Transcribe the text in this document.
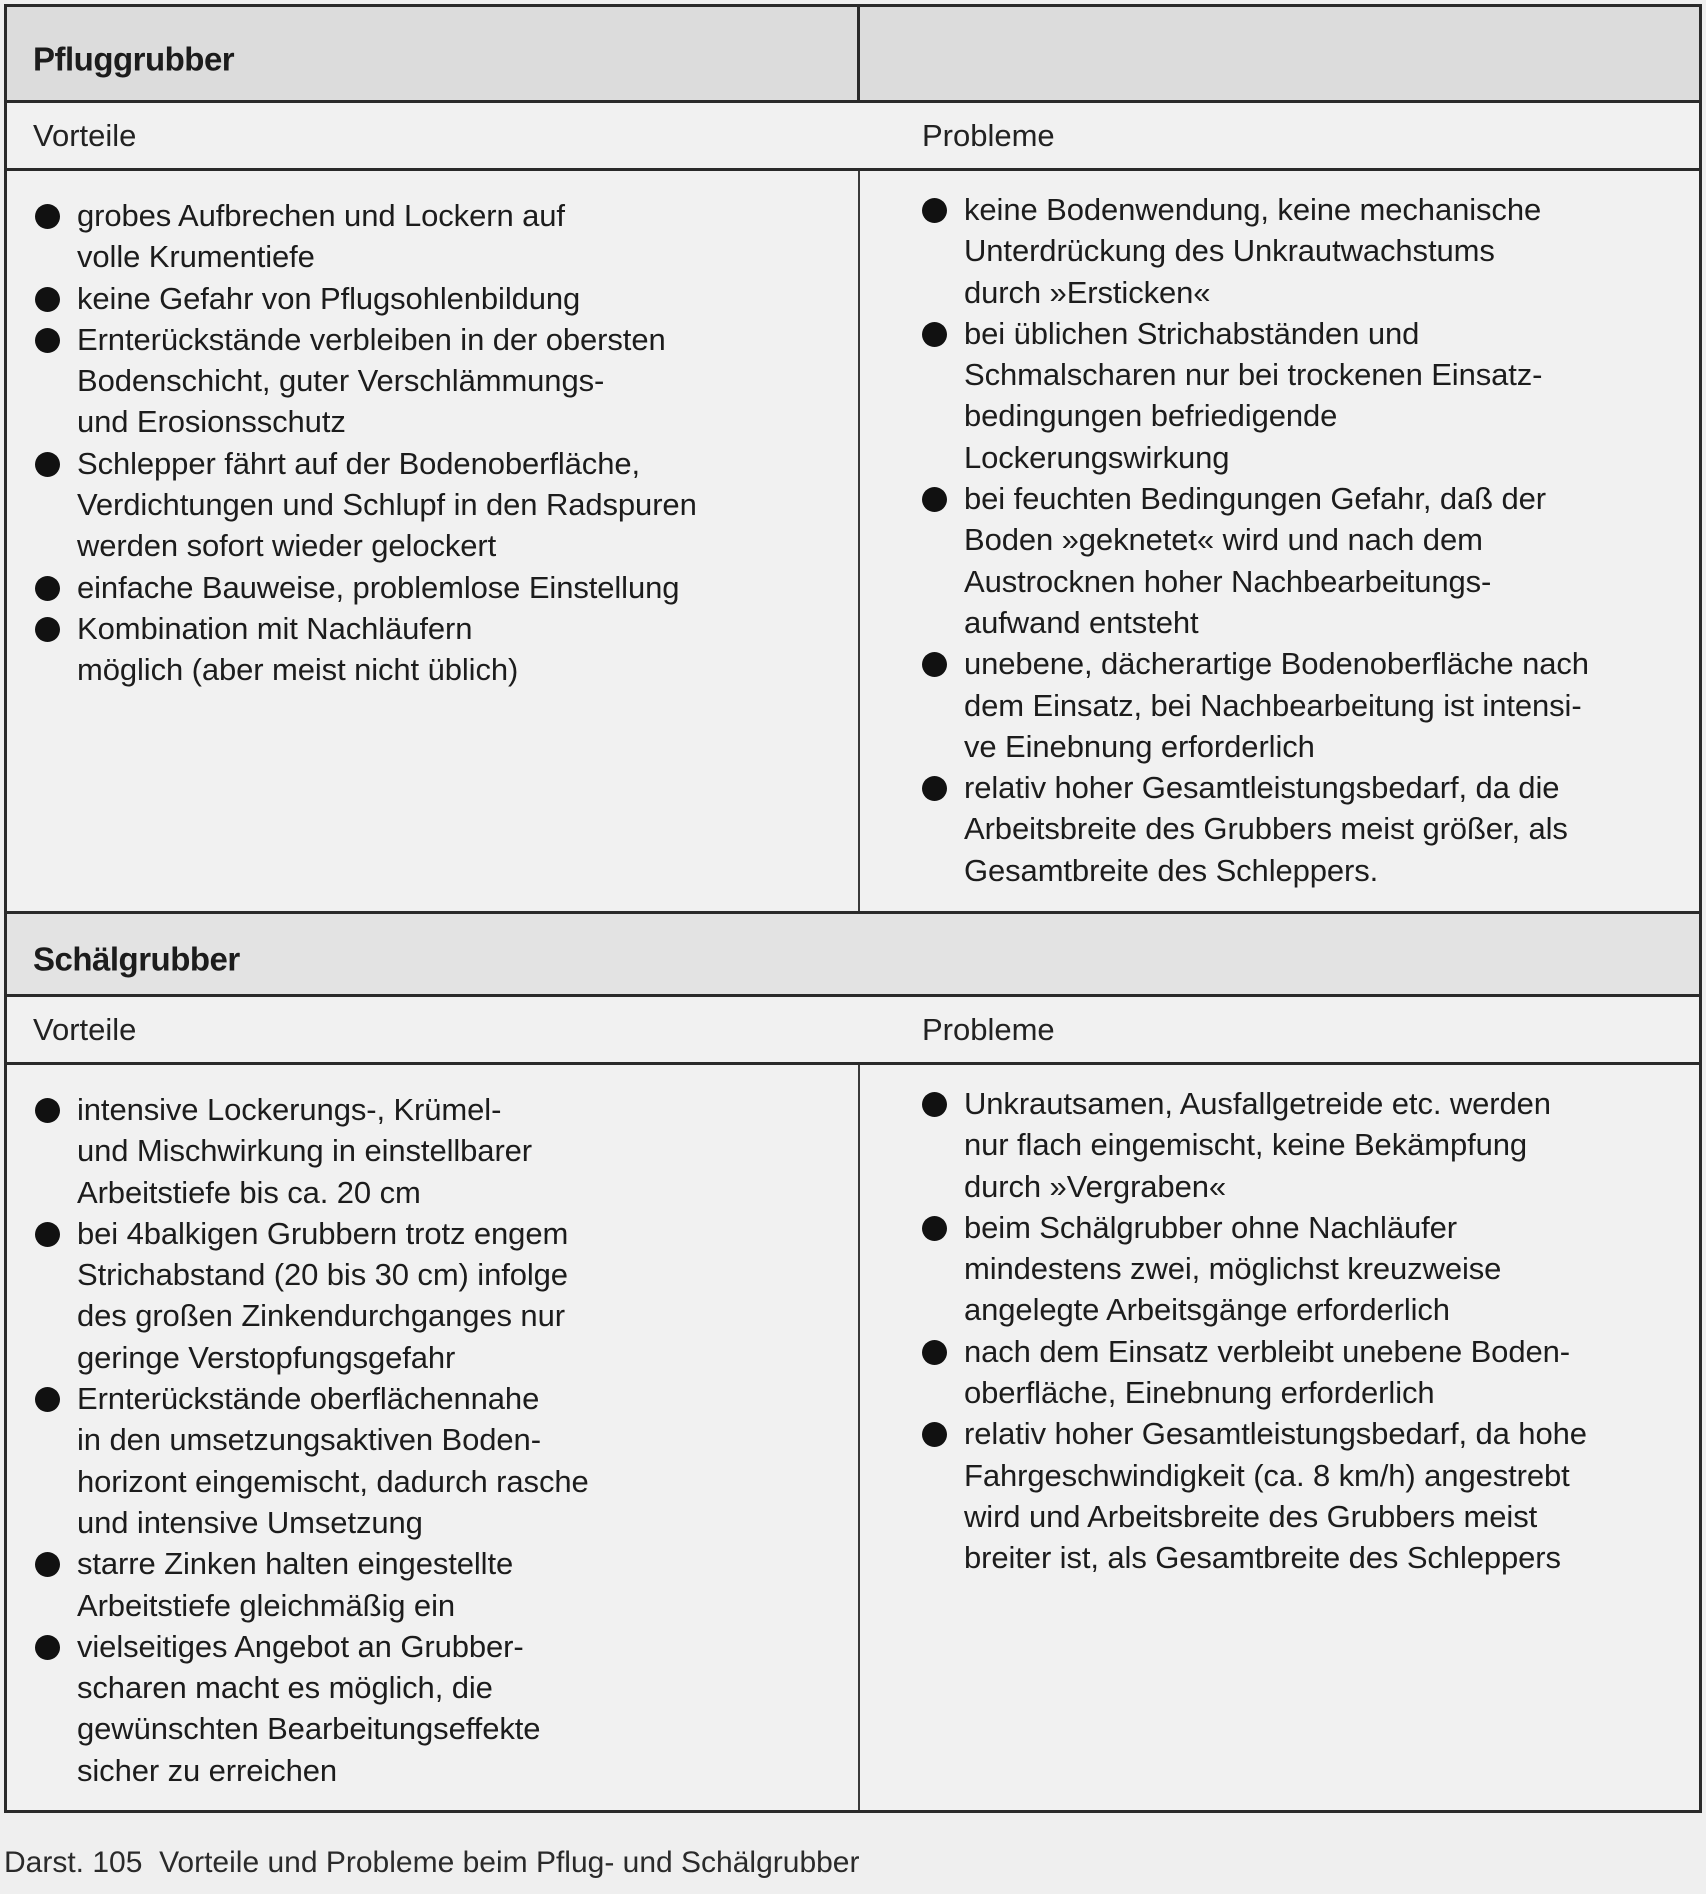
Pfluggrubber
Vorteile	Probleme
grobes Aufbrechen und Lockern auf
volle Krumentiefe
keine Gefahr von Pflugsohlenbildung
Ernterückstände verbleiben in der obersten
Bodenschicht, guter Verschlämmungs-
und Erosionsschutz
Schlepper fährt auf der Bodenoberfläche,
Verdichtungen und Schlupf in den Radspuren
werden sofort wieder gelockert
einfache Bauweise, problemlose Einstellung
Kombination mit Nachläufern
möglich (aber meist nicht üblich)
keine Bodenwendung, keine mechanische
Unterdrückung des Unkrautwachstums
durch »Ersticken«
bei üblichen Strichabständen und
Schmalscharen nur bei trockenen Einsatz-
bedingungen befriedigende
Lockerungswirkung
bei feuchten Bedingungen Gefahr, daß der
Boden »geknetet« wird und nach dem
Austrocknen hoher Nachbearbeitungs-
aufwand entsteht
unebene, dächerartige Bodenoberfläche nach
dem Einsatz, bei Nachbearbeitung ist intensi-
ve Einebnung erforderlich
relativ hoher Gesamtleistungsbedarf, da die
Arbeitsbreite des Grubbers meist größer, als
Gesamtbreite des Schleppers.
Schälgrubber
Vorteile	Probleme
intensive Lockerungs-, Krümel-
und Mischwirkung in einstellbarer
Arbeitstiefe bis ca. 20 cm
bei 4balkigen Grubbern trotz engem
Strichabstand (20 bis 30 cm) infolge
des großen Zinkendurchganges nur
geringe Verstopfungsgefahr
Ernterückstände oberflächennahe
in den umsetzungsaktiven Boden-
horizont eingemischt, dadurch rasche
und intensive Umsetzung
starre Zinken halten eingestellte
Arbeitstiefe gleichmäßig ein
vielseitiges Angebot an Grubber-
scharen macht es möglich, die
gewünschten Bearbeitungseffekte
sicher zu erreichen
Unkrautsamen, Ausfallgetreide etc. werden
nur flach eingemischt, keine Bekämpfung
durch »Vergraben«
beim Schälgrubber ohne Nachläufer
mindestens zwei, möglichst kreuzweise
angelegte Arbeitsgänge erforderlich
nach dem Einsatz verbleibt unebene Boden-
oberfläche, Einebnung erforderlich
relativ hoher Gesamtleistungsbedarf, da hohe
Fahrgeschwindigkeit (ca. 8 km/h) angestrebt
wird und Arbeitsbreite des Grubbers meist
breiter ist, als Gesamtbreite des Schleppers
Darst. 105  Vorteile und Probleme beim Pflug- und Schälgrubber
